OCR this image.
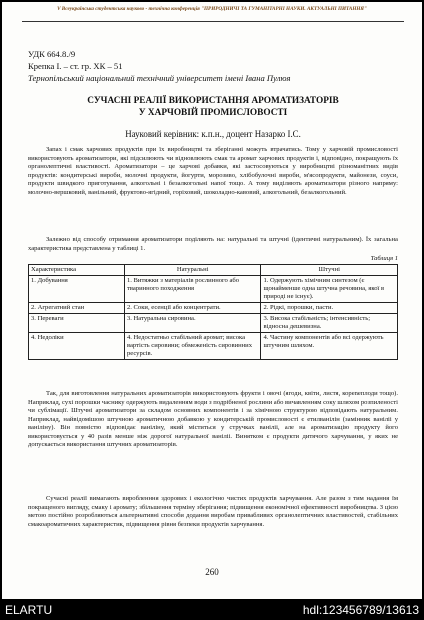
V Всеукраїнська студентська науково - технічна конференція "ПРИРОДНИЧІ ТА ГУМАНІТАРНІ НАУКИ. АКТУАЛЬНІ ПИТАННЯ"
УДК 664.8./9
Крепка І. – ст. гр. ХК – 51
Тернопільський національний технічний університет імені Івана Пулюя
СУЧАСНІ РЕАЛІЇ ВИКОРИСТАННЯ АРОМАТИЗАТОРІВ
У ХАРЧОВІЙ ПРОМИСЛОВОСТІ
Науковий керівник: к.п.н., доцент Назарко І.С.
Запах і смак харчових продуктів при їх виробництві та зберіганні можуть втрачатись. Тому у харчовій промисловості використовують ароматизатори, які підсилюють чи відновлюють смак та аромат харчових продуктів і, відповідно, покращують їх органолептичні властивості. Ароматизатори – це харчові добавки, які застосовуються у виробництві різноманітних видів продуктів: кондитерські вироби, молочні продукти, йогурти, морозиво, хлібобулочні вироби, м'ясопродукти, майонези, соуси, продукти швидкого приготування, алкогольні і безалкогольні напої тощо. А тому виділяють ароматизатори різного напряму: молочно-вершковий, ванільний, фруктово-ягідний, горіховий, шоколадно-кавовий, алкогольний, безалкогольний.
Залежно від способу отримання ароматизатори поділяють на: натуральні та штучні (ідентичні натуральним). Їх загальна характеристика представлена у таблиці 1.
Таблиця 1
Характеристика	Натуральні	Штучні
1. Добування	1. Витяжки з матеріалів рослинного або тваринного походження	1. Одержують хімічним синтезом (є щонайменше одна штучна речовина, якої в природі не існує).
2. Агрегатний стан	2. Соки, есенції або концентрати.	2. Рідкі, порошки, пасти.
3. Переваги	3. Натуральна сировина.	3. Висока стабільність; інтенсивність; відносна дешевизна.
4. Недоліки	4. Недостатньо стабільний аромат; висока вартість сировини; обмеженість сировинних ресурсів.	4. Частину компонентів або всі одержують штучним шляхом.
Так, для виготовлення натуральних ароматизаторів використовують фрукти і овочі (ягоди, квіти, листя, кореneплоди тощо). Наприклад, сухі порошки часнику одержують видаленням води з подрібненої рослини або вичавленням соку шляхом розпиленості чи сублімації. Штучні ароматизатори за складом основних компонентів і за хімічною структурою відповідають натуральним. Наприклад, найвідомішою штучною ароматичною добавкою у кондитерській промисловості є етилванілін (замінник ваніліі у ваніліну). Він повністю відповідає ваніліну, який міститься у стручках ваніліі, але на ароматизацію продукту його використовується у 40 разів менше ніж дорогої натуральної ваніліі. Винятком є продукти дитячого харчування, у яких не допускається використання штучних ароматизаторів.
Сучасні реалії вимагають виробленння здорових і екологічно чистих продуктів харчування. Але разом з тим надання їм покращеного вигляду, смаку і аромату; збільшення терміну зберігання; підвищення економічної ефективності виробництва. З цією метою постійно розробляються альтернативні способи додання виробам привабливих органолептичних властивостей, стабільних смакоароматичних характеристик, підвищення рівня безпеки продуктів харчування.
260
ELARTU	hdl:123456789/13613
